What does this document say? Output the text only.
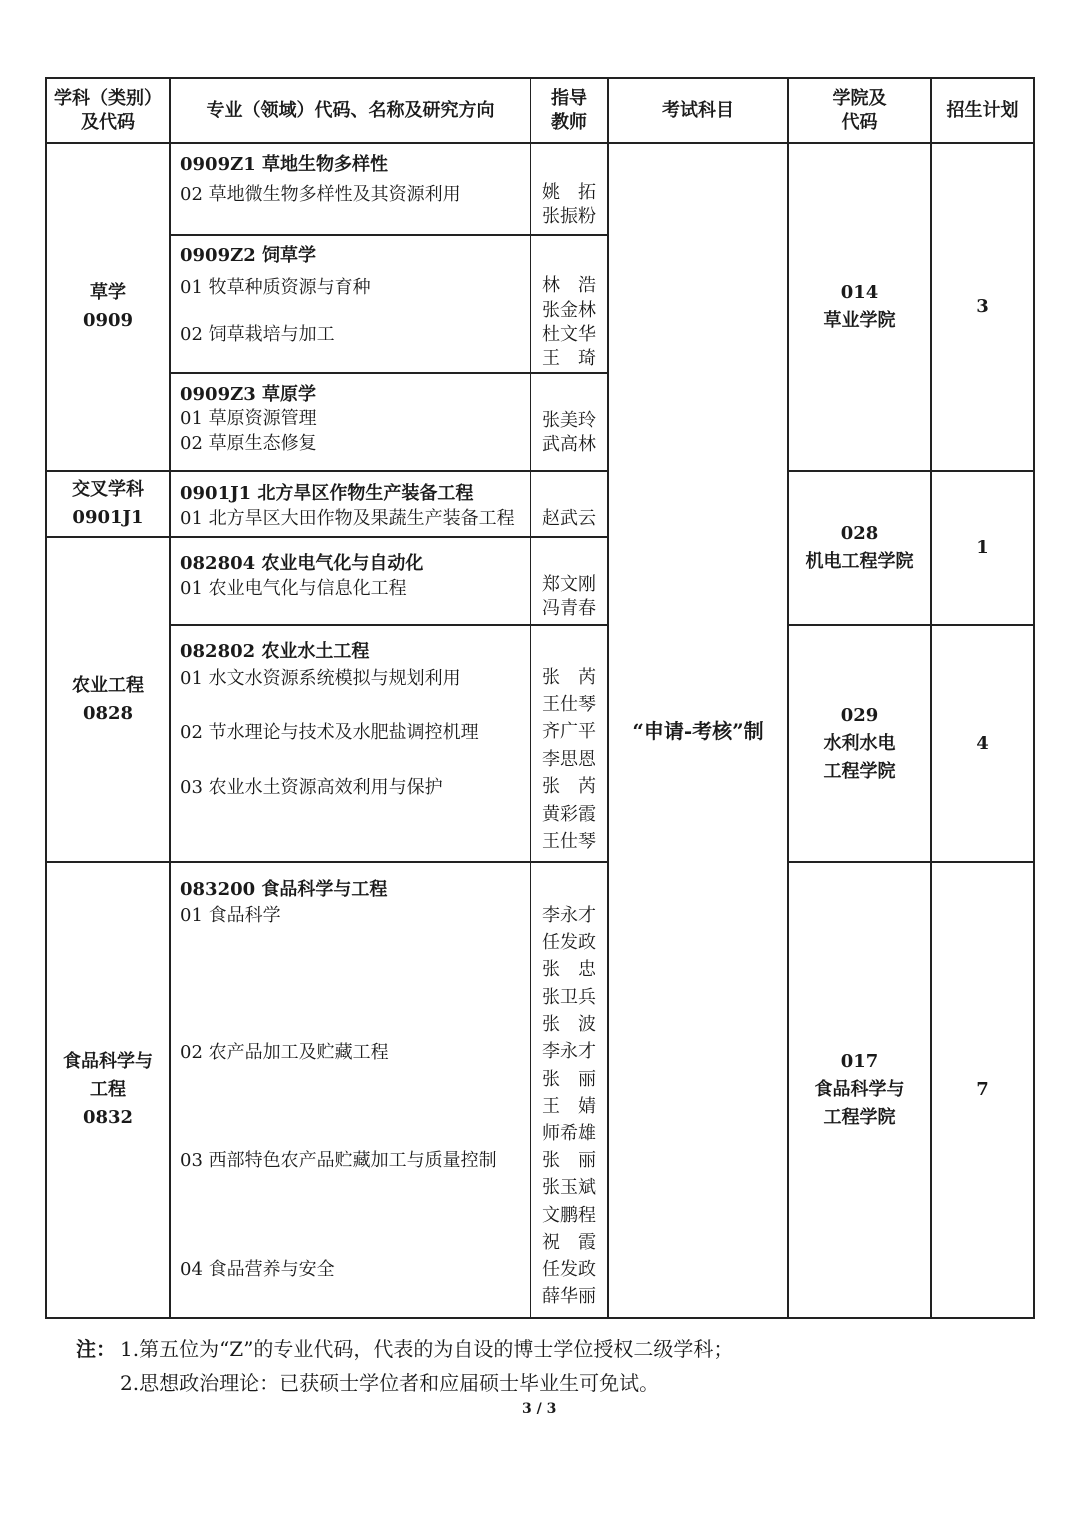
学科（类别）
及代码
专业（领域）代码、名称及研究方向
指导
教师
考试科目
学院及
代码
招生计划
草学
0909
交叉学科
0901J1
农业工程
0828
食品科学与
工程
0832
0909Z1 草地生物多样性
02 草地微生物多样性及其资源利用
0909Z2 饲草学
01 牧草种质资源与育种
02 饲草栽培与加工
0909Z3 草原学
01 草原资源管理
02 草原生态修复
0901J1 北方旱区作物生产装备工程
01 北方旱区大田作物及果蔬生产装备工程
082804 农业电气化与自动化
01 农业电气化与信息化工程
082802 农业水土工程
01 水文水资源系统模拟与规划利用
02 节水理论与技术及水肥盐调控机理
03 农业水土资源高效利用与保护
083200 食品科学与工程
01 食品科学
02 农产品加工及贮藏工程
03 西部特色农产品贮藏加工与质量控制
04 食品营养与安全
姚　拓
张振粉
林　浩
张金林
杜文华
王　琦
张美玲
武高林
赵武云
郑文刚
冯青春
张　芮
王仕琴
齐广平
李思恩
张　芮
黄彩霞
王仕琴
李永才
任发政
张　忠
张卫兵
张　波
李永才
张　丽
王　婧
师希雄
张　丽
张玉斌
文鹏程
祝　霞
任发政
薛华丽
“申请-考核”制
014
草业学院
028
机电工程学院
029
水利水电
工程学院
017
食品科学与
工程学院
3
1
4
7
注： 1.第五位为“Z”的专业代码，代表的为自设的博士学位授权二级学科；
2.思想政治理论：已获硕士学位者和应届硕士毕业生可免试。
3 / 3
